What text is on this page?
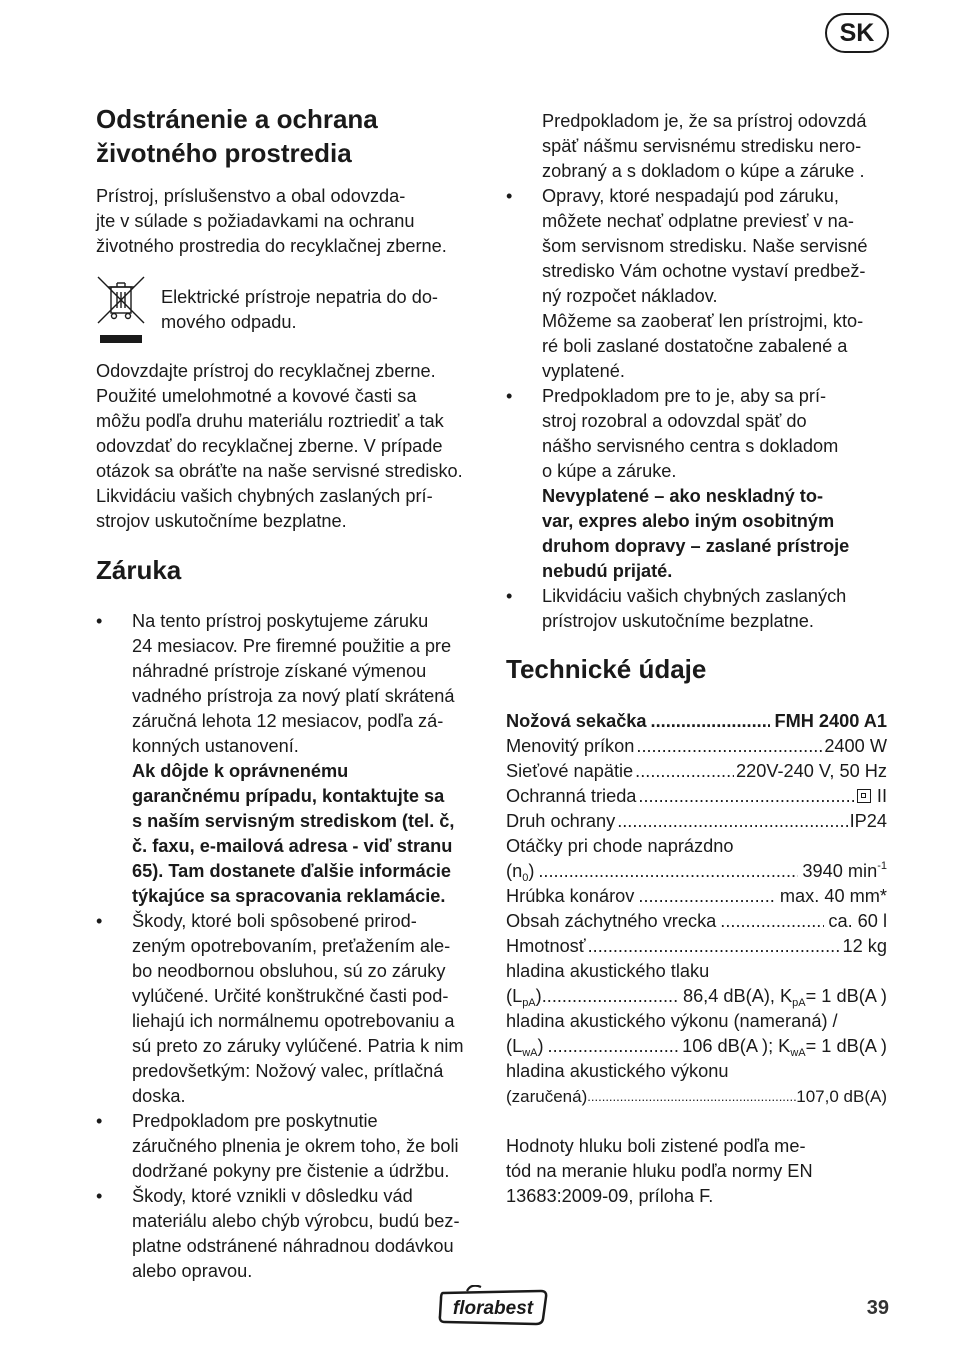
SK
Odstránenie a ochrana
životného prostredia
Prístroj, príslušenstvo a obal odovzda-
jte v súlade s požiadavkami na ochranu
životného prostredia do recyklačnej zberne.
Elektrické prístroje nepatria do do-
mového odpadu.
Odovzdajte prístroj do recyklačnej zberne.
Použité umelohmotné a kovové časti sa
môžu podľa druhu materiálu roztriediť a tak
odovzdať do recyklačnej zberne. V prípade
otázok sa obráťte na naše servisné stredisko.
Likvidáciu vašich chybných zaslaných prí-
strojov uskutočníme bezplatne.
Záruka
•	Na tento prístroj poskytujeme záruku
24 mesiacov. Pre firemné použitie a pre
náhradné prístroje získané výmenou
vadného prístroja za nový platí skrátená
záručná lehota 12 mesiacov, podľa zá-
konných ustanovení.
Ak dôjde k oprávnenému
garančnému prípadu, kontaktujte sa
s naším servisným strediskom (tel. č,
č. faxu, e-mailová adresa - viď stranu
65). Tam dostanete ďalšie informácie
týkajúce sa spracovania reklamácie.
•	Škody, ktoré boli spôsobené prirod-
zeným opotrebovaním, preťažením ale-
bo neodbornou obsluhou, sú zo záruky
vylúčené. Určité konštrukčné časti pod-
liehajú ich normálnemu opotrebovaniu a
sú preto zo záruky vylúčené. Patria k nim
predovšetkým: Nožový valec, prítlačná
doska.
•	Predpokladom pre poskytnutie
záručného plnenia je okrem toho, že boli
dodržané pokyny pre čistenie a údržbu.
•	Škody, ktoré vznikli v dôsledku vád
materiálu alebo chýb výrobcu, budú bez-
platne odstránené náhradnou dodávkou
alebo opravou.
Predpokladom je, že sa prístroj odovzdá
späť nášmu servisnému stredisku nero-
zobraný a s dokladom o kúpe a záruke .
•	Opravy, ktoré nespadajú pod záruku,
môžete nechať odplatne previesť v na-
šom servisnom stredisku. Naše servisné
stredisko Vám ochotne vystaví predbež-
ný rozpočet nákladov.
Môžeme sa zaoberať len prístrojmi, kto-
ré boli zaslané dostatočne zabalené a
vyplatené.
•	Predpokladom pre to je, aby sa prí-
stroj rozobral a odovzdal späť do
nášho servisného centra s dokladom
o kúpe a záruke.
Nevyplatené – ako neskladný to-
var, expres alebo iným osobitným
druhom dopravy – zaslané prístroje
nebudú prijaté.
•	Likvidáciu vašich chybných zaslaných
prístrojov uskutočníme bezplatne.
Technické údaje
Nožová sekačka .....	FMH 2400 A1
Menovitý príkon .....	2400 W
Sieťové napätie .....	220V-240 V, 50 Hz
Ochranná trieda .....	II
Druh ochrany .....	IP24
Otáčky pri chode naprázdno
$(n_0)$ .....	3940 $\min^{-1}$
Hrúbka konárov .....	max. 40 mm*
Obsah záchytného vrecka .....	ca. 60 l
Hmotnosť .....	12 kg
hladina akustického tlaku
$(L_{pA})$ .....	86,4 dB(A), $K_{pA}= 1$ dB(A )
hladina akustického výkonu (nameraná) /
$(L_{wA})$ .....	106 dB(A ); $K_{wA}= 1$ dB(A )
hladina akustického výkonu
(zaručená) .....	107,0 dB(A)
Hodnoty hluku boli zistené podľa me-
tód na meranie hluku podľa normy EN
13683:2009-09, príloha F.
florabest	39
